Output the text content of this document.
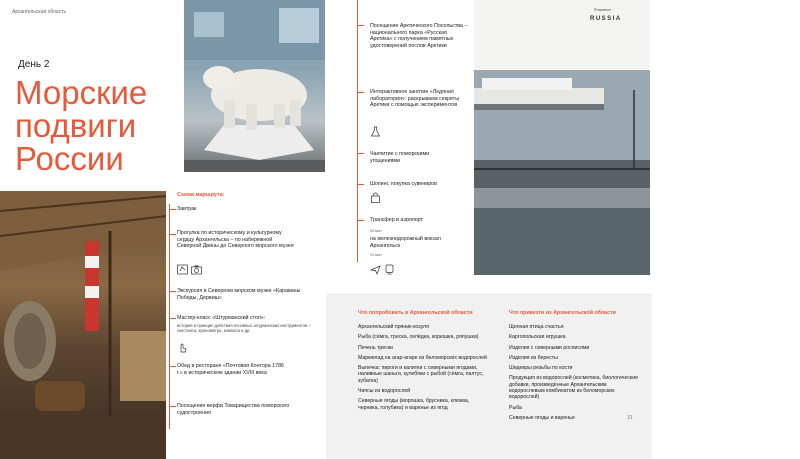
Архангельская область
День 2
Морские
подвиги
России
Я посетил
RUSSIA
Схема маршрута:
Завтрак
Прогулка по историческому и культурному сердцу Архангельска – по набережной Северной Двины до Северного морского музея
Экскурсия в Северном морском музее «Караваны Победы, Дервиш»
Мастер-класс «Штурманский стол»:
история и принцип действия основных штурманских инструментов – секстанта, хронометра, компаса и др.
Обед в ресторане «Почтовая Контора 1786 г.» в историческом здании XVIII века
Посещение верфи Товарищества поморского судостроения
Посещение Арктического Посольства – национального парка «Русская Арктика» с получением памятных удостоверений послов Арктики
Интерактивное занятие «Ледяная лаборатория»: раскрываем секреты Арктики с помощью экспериментов
Чаепитие с поморскими угощениями
Шопинг, покупка сувениров
Трансфер в аэропорт
30 мин.
на железнодорожный вокзал Архангельск
10 мин.
Что попробовать в Архангельской области
Архангельский пряник-козуля
Рыба (сёмга, треска, селёдка, корюшка, ряпушка)
Печень трески
Мармелад на агар-агаре из беломорских водорослей
Выпечка: пироги и калитки с северными ягодами, наливные шаньги, кулебяки с рыбой (сёмга, палтус, зубатка)
Чипсы из водорослей
Северные ягоды (морошка, брусника, клюква, черника, голубика) и варенье из ягод
Что привезти из Архангельской области
Щепная птица счастья
Каргопольская игрушка
Изделия с северными росписями
Изделия из бересты
Шедевры резьбы по кости
Продукция из водорослей (косметика, биологические добавки, произведённые Архангельским водорослевым комбинатом из беломорских водорослей)
Рыба
Северные ягоды и варенье	31
